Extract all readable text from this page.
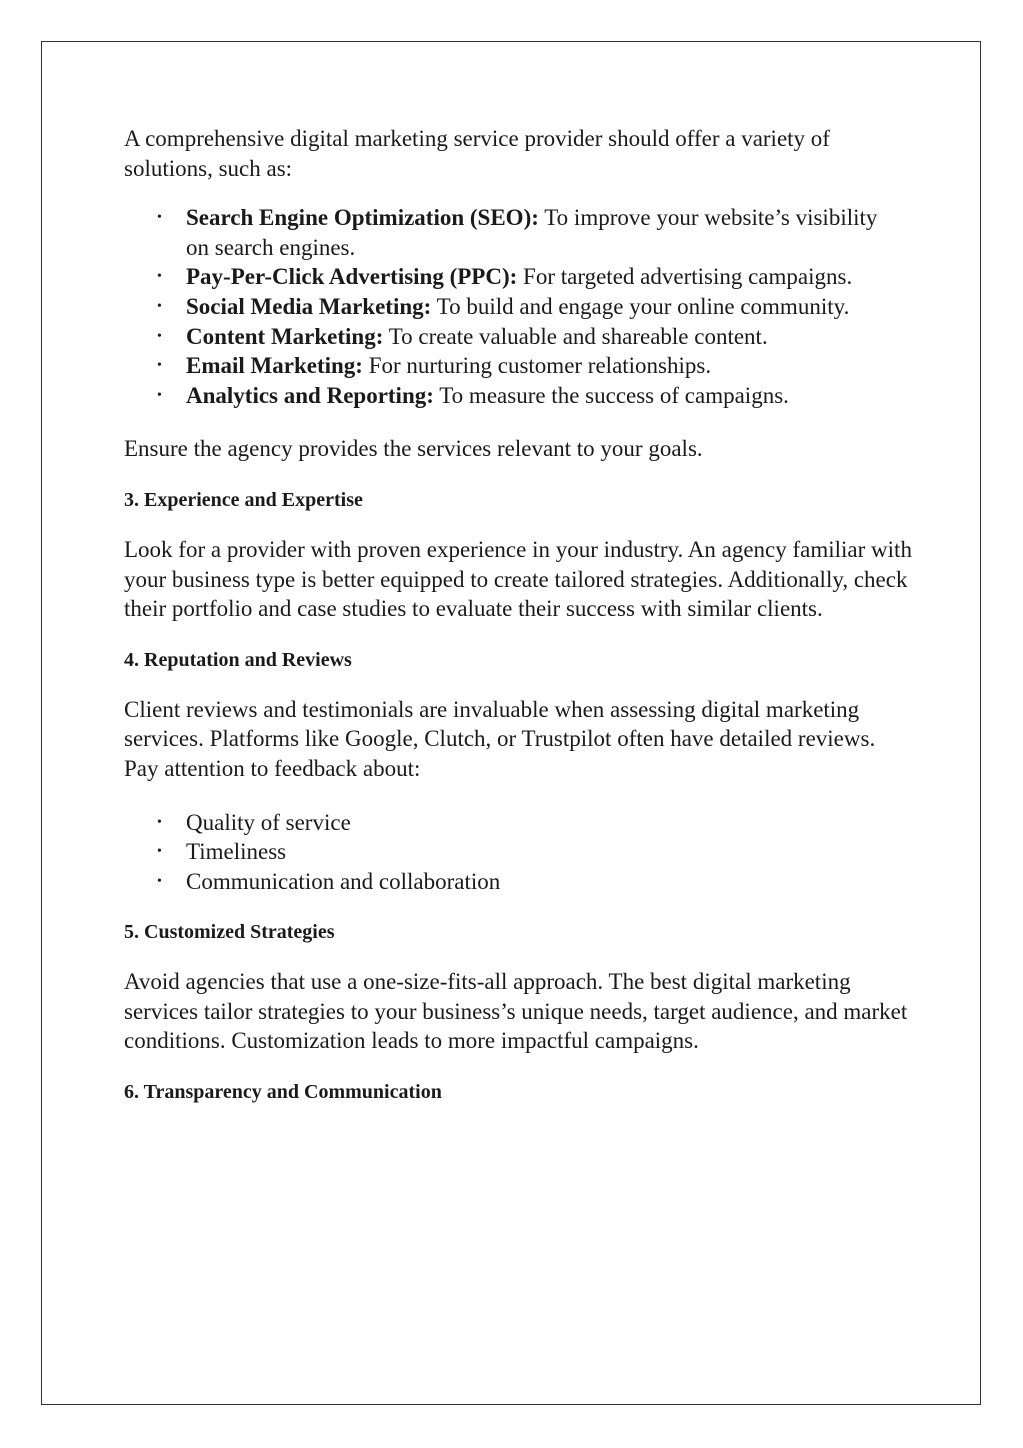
A comprehensive digital marketing service provider should offer a variety of solutions, such as:

• Search Engine Optimization (SEO): To improve your website’s visibility on search engines.
• Pay-Per-Click Advertising (PPC): For targeted advertising campaigns.
• Social Media Marketing: To build and engage your online community.
• Content Marketing: To create valuable and shareable content.
• Email Marketing: For nurturing customer relationships.
• Analytics and Reporting: To measure the success of campaigns.

Ensure the agency provides the services relevant to your goals.

3. Experience and Expertise

Look for a provider with proven experience in your industry. An agency familiar with your business type is better equipped to create tailored strategies. Additionally, check their portfolio and case studies to evaluate their success with similar clients.

4. Reputation and Reviews

Client reviews and testimonials are invaluable when assessing digital marketing services. Platforms like Google, Clutch, or Trustpilot often have detailed reviews. Pay attention to feedback about:

• Quality of service
• Timeliness
• Communication and collaboration
5. Customized Strategies

Avoid agencies that use a one-size-fits-all approach. The best digital marketing services tailor strategies to your business’s unique needs, target audience, and market conditions. Customization leads to more impactful campaigns.

6. Transparency and Communication
